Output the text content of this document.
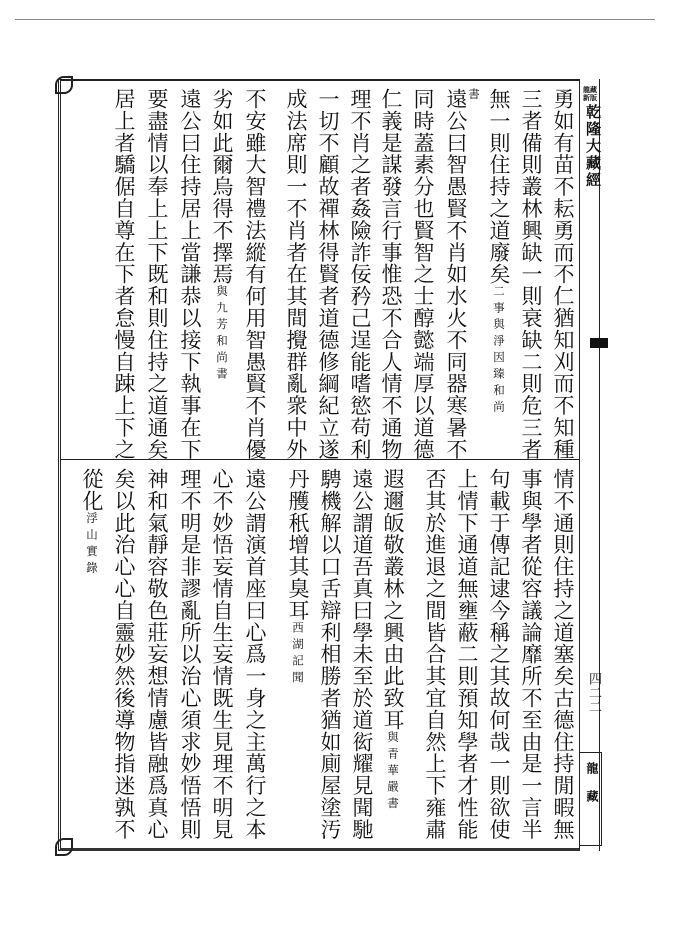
龍藏 新版
乾隆大藏經
四二二
龍藏
勇如有苗不耘勇而不仁猶知刈而不知種
三者備則叢林興缺一則衰缺二則危三者
無一則住持之道廢矣二事與淨因臻和尚
書
遠公曰智愚賢不肖如水火不同器寒暑不
同時蓋素分也賢智之士醇懿端厚以道德
仁義是謀發言行事惟恐不合人情不通物
理不肖之者姦險詐佞矜己逞能嗜慾苟利
一切不顧故禪林得賢者道德修綱紀立遂
成法席則一不肖者在其間攪群亂衆中外
不安雖大智禮法縱有何用智愚賢不肖優
劣如此爾烏得不擇焉與九芳和尚書
遠公曰住持居上當謙恭以接下執事在下
要盡情以奉上上下既和則住持之道通矣
居上者驕倨自尊在下者怠慢自踈上下之
情不通則住持之道塞矣古德住持閒暇無
事與學者從容議論靡所不至由是一言半
句載于傳記逮今稱之其故何哉一則欲使
上情下通道無壅蔽二則預知學者才性能
否其於進退之間皆合其宜自然上下雍肅
遐邇皈敬叢林之興由此致耳與青華嚴書
遠公謂道吾真曰學未至於道衒耀見聞馳
騁機解以口舌辯利相勝者猶如廁屋塗汚
丹雘秖增其臭耳西湖記聞
遠公謂演首座曰心爲一身之主萬行之本
心不妙悟妄情自生妄情既生見理不明見
理不明是非謬亂所以治心須求妙悟悟則
神和氣靜容敬色莊妄想情慮皆融爲真心
矣以此治心心自靈妙然後導物指迷孰不
從化浮山實錄
